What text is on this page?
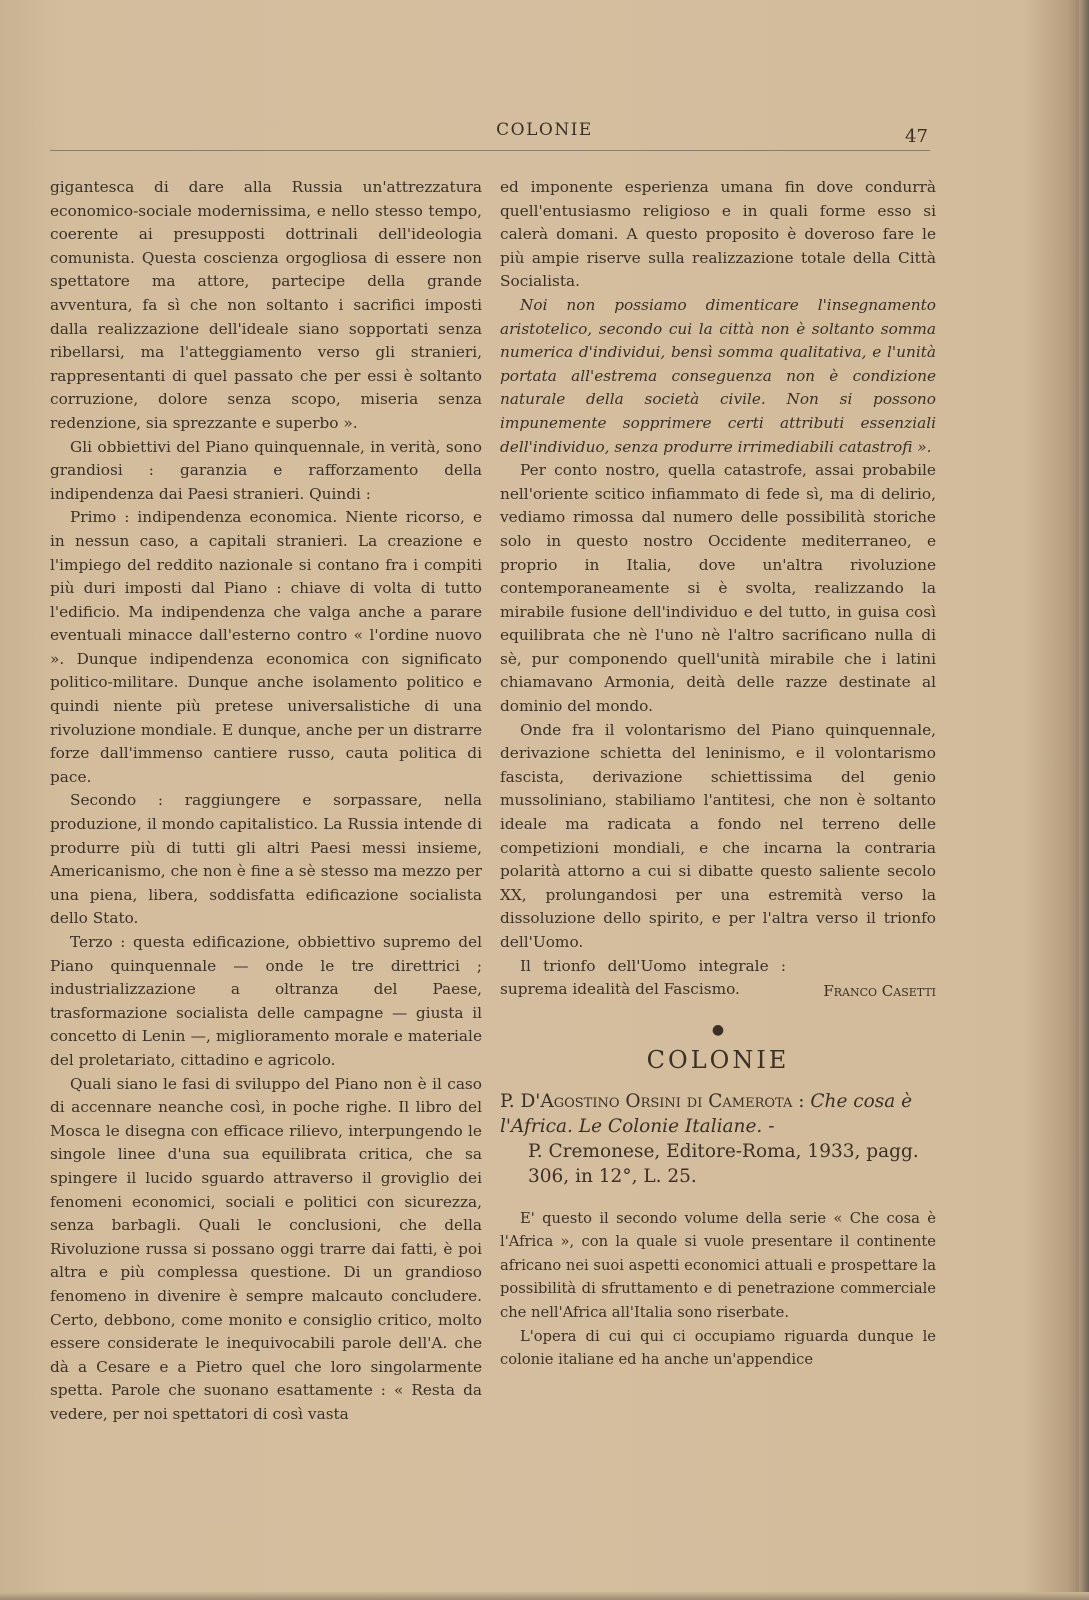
COLONIE	47

gigantesca di dare alla Russia un'attrezzatura economico-sociale modernissima, e nello stesso tempo, coerente ai presupposti dottrinali dell'ideologia comunista. Questa coscienza orgogliosa di essere non spettatore ma attore, partecipe della grande avventura, fa sì che non soltanto i sacrifici imposti dalla realizzazione dell'ideale siano sopportati senza ribellarsi, ma l'atteggiamento verso gli stranieri, rappresentanti di quel passato che per essi è soltanto corruzione, dolore senza scopo, miseria senza redenzione, sia sprezzante e superbo ».

Gli obbiettivi del Piano quinquennale, in verità, sono grandiosi : garanzia e rafforzamento della indipendenza dai Paesi stranieri. Quindi :

Primo : indipendenza economica. Niente ricorso, e in nessun caso, a capitali stranieri. La creazione e l'impiego del reddito nazionale si contano fra i compiti più duri imposti dal Piano : chiave di volta di tutto l'edificio. Ma indipendenza che valga anche a parare eventuali minacce dall'esterno contro « l'ordine nuovo ». Dunque indipendenza economica con significato politico-militare. Dunque anche isolamento politico e quindi niente più pretese universalistiche di una rivoluzione mondiale. E dunque, anche per un distrarre forze dall'immenso cantiere russo, cauta politica di pace.

Secondo : raggiungere e sorpassare, nella produzione, il mondo capitalistico. La Russia intende di produrre più di tutti gli altri Paesi messi insieme, Americanismo, che non è fine a sè stesso ma mezzo per una piena, libera, soddisfatta edificazione socialista dello Stato.

Terzo : questa edificazione, obbiettivo supremo del Piano quinquennale — onde le tre direttrici ; industrializzazione a oltranza del Paese, trasformazione socialista delle campagne — giusta il concetto di Lenin —, miglioramento morale e materiale del proletariato, cittadino e agricolo.

Quali siano le fasi di sviluppo del Piano non è il caso di accennare neanche così, in poche righe. Il libro del Mosca le disegna con efficace rilievo, interpungendo le singole linee d'una sua equilibrata critica, che sa spingere il lucido sguardo attraverso il groviglio dei fenomeni economici, sociali e politici con sicurezza, senza barbagli. Quali le conclusioni, che della Rivoluzione russa si possano oggi trarre dai fatti, è poi altra e più complessa questione. Di un grandioso fenomeno in divenire è sempre malcauto concludere. Certo, debbono, come monito e consiglio critico, molto essere considerate le inequivocabili parole dell'A. che dà a Cesare e a Pietro quel che loro singolarmente spetta. Parole che suonano esattamente : « Resta da vedere, per noi spettatori di così vasta

ed imponente esperienza umana fin dove condurrà quell'entusiasmo religioso e in quali forme esso si calerà domani. A questo proposito è doveroso fare le più ampie riserve sulla realizzazione totale della Città Socialista.

Noi non possiamo dimenticare l'insegnamento aristotelico, secondo cui la città non è soltanto somma numerica d'individui, bensì somma qualitativa, e l'unità portata all'estrema conseguenza non è condizione naturale della società civile. Non si possono impunemente sopprimere certi attributi essenziali dell'individuo, senza produrre irrimediabili catastrofi ».

Per conto nostro, quella catastrofe, assai probabile nell'oriente scitico infiammato di fede sì, ma di delirio, vediamo rimossa dal numero delle possibilità storiche solo in questo nostro Occidente mediterraneo, e proprio in Italia, dove un'altra rivoluzione contemporaneamente si è svolta, realizzando la mirabile fusione dell'individuo e del tutto, in guisa così equilibrata che nè l'uno nè l'altro sacrificano nulla di sè, pur componendo quell'unità mirabile che i latini chiamavano Armonia, deità delle razze destinate al dominio del mondo.

Onde fra il volontarismo del Piano quinquennale, derivazione schietta del leninismo, e il volontarismo fascista, derivazione schiettissima del genio mussoliniano, stabiliamo l'antitesi, che non è soltanto ideale ma radicata a fondo nel terreno delle competizioni mondiali, e che incarna la contraria polarità attorno a cui si dibatte questo saliente secolo XX, prolungandosi per una estremità verso la dissoluzione dello spirito, e per l'altra verso il trionfo dell'Uomo.

Il trionfo dell'Uomo integrale : suprema idealità del Fascismo.	Franco Casetti
●
COLONIE
P. D'Agostino Orsini di Camerota : Che cosa è l'Africa. Le Colonie Italiane. -
P. Cremonese, Editore-Roma, 1933, pagg.
306, in 12°, L. 25.

E' questo il secondo volume della serie « Che cosa è l'Africa », con la quale si vuole presentare il continente africano nei suoi aspetti economici attuali e prospettare la possibilità di sfruttamento e di penetrazione commerciale che nell'Africa all'Italia sono riserbate.

L'opera di cui qui ci occupiamo riguarda dunque le colonie italiane ed ha anche un'appendice
